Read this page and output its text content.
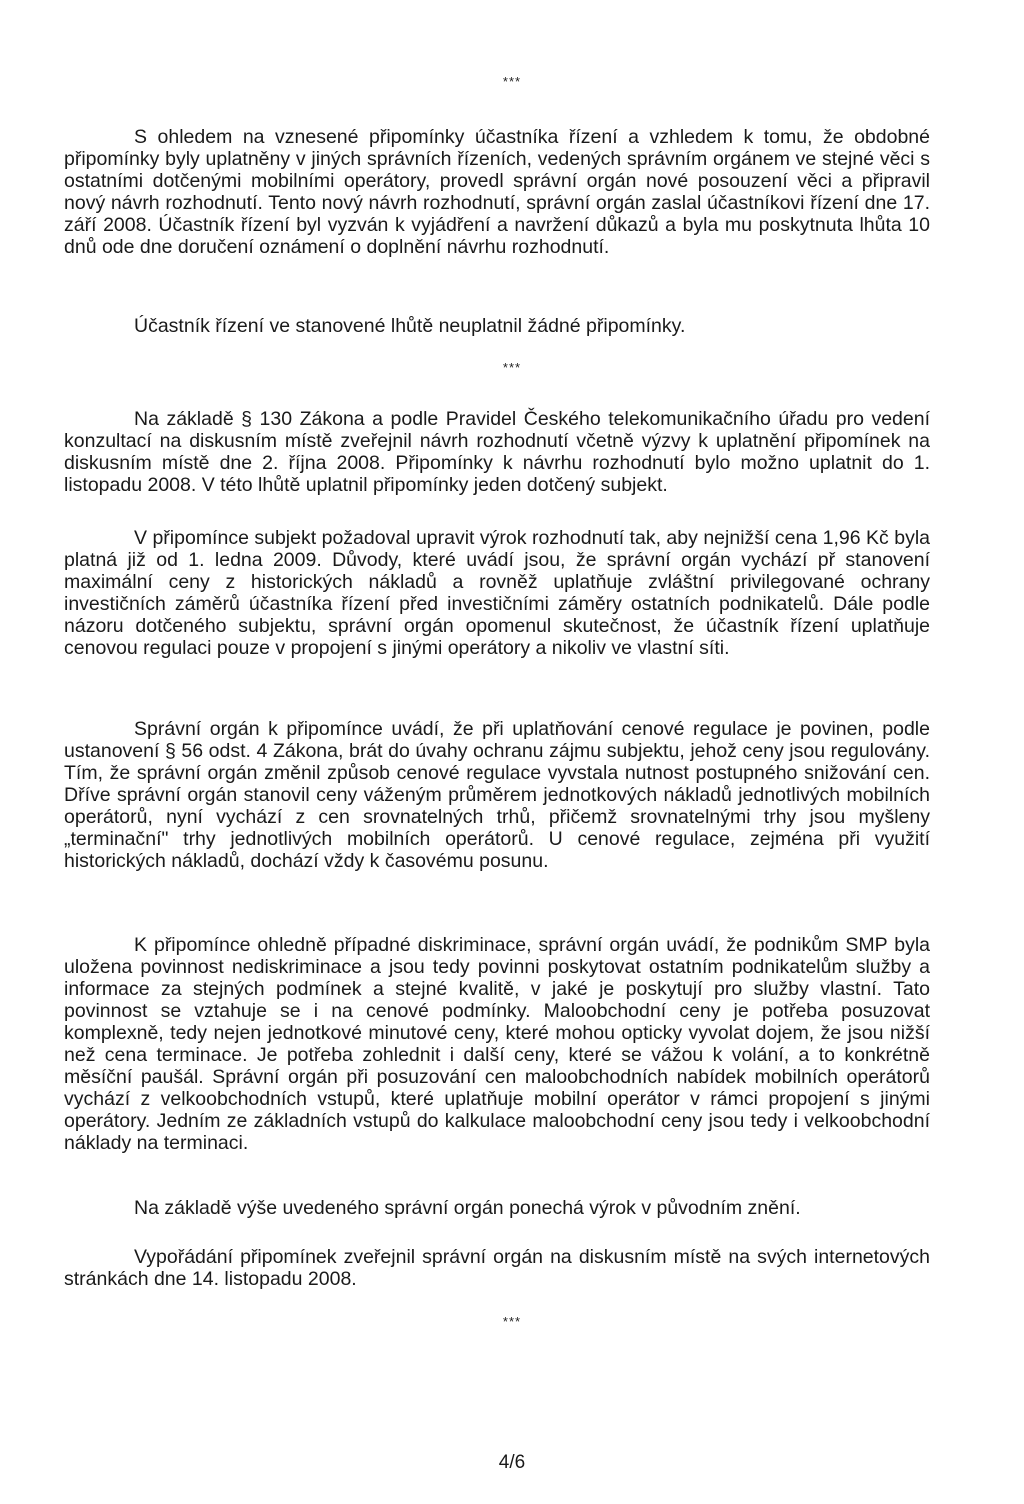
***

S ohledem na vznesené připomínky účastníka řízení a vzhledem k tomu, že obdobné připomínky byly uplatněny v jiných správních řízeních, vedených správním orgánem ve stejné věci s ostatními dotčenými mobilními operátory, provedl správní orgán nové posouzení věci a připravil nový návrh rozhodnutí. Tento nový návrh rozhodnutí, správní orgán zaslal účastníkovi řízení dne 17. září 2008. Účastník řízení byl vyzván k vyjádření a navržení důkazů a byla mu poskytnuta lhůta 10 dnů ode dne doručení oznámení o doplnění návrhu rozhodnutí.

Účastník řízení ve stanovené lhůtě neuplatnil žádné připomínky.

***

Na základě § 130 Zákona a podle Pravidel Českého telekomunikačního úřadu pro vedení konzultací na diskusním místě zveřejnil návrh rozhodnutí včetně výzvy k uplatnění připomínek na diskusním místě dne 2. října 2008. Připomínky k návrhu rozhodnutí bylo možno uplatnit do 1. listopadu 2008. V této lhůtě uplatnil připomínky jeden dotčený subjekt.

V připomínce subjekt požadoval upravit výrok rozhodnutí tak, aby nejnižší cena 1,96 Kč byla platná již od 1. ledna 2009. Důvody, které uvádí jsou, že správní orgán vychází př stanovení maximální ceny z historických nákladů a rovněž uplatňuje zvláštní privilegované ochrany investičních záměrů účastníka řízení před investičními záměry ostatních podnikatelů. Dále podle názoru dotčeného subjektu, správní orgán opomenul skutečnost, že účastník řízení uplatňuje cenovou regulaci pouze v propojení s jinými operátory a nikoliv ve vlastní síti.

Správní orgán k připomínce uvádí, že při uplatňování cenové regulace je povinen, podle ustanovení § 56 odst. 4 Zákona, brát do úvahy ochranu zájmu subjektu, jehož ceny jsou regulovány. Tím, že správní orgán změnil způsob cenové regulace vyvstala nutnost postupného snižování cen. Dříve správní orgán stanovil ceny váženým průměrem jednotkových nákladů jednotlivých mobilních operátorů, nyní vychází z cen srovnatelných trhů, přičemž srovnatelnými trhy jsou myšleny „terminační" trhy jednotlivých mobilních operátorů. U cenové regulace, zejména při využití historických nákladů, dochází vždy k časovému posunu.

K připomínce ohledně případné diskriminace, správní orgán uvádí, že podnikům SMP byla uložena povinnost nediskriminace a jsou tedy povinni poskytovat ostatním podnikatelům služby a informace za stejných podmínek a stejné kvalitě, v jaké je poskytují pro služby vlastní. Tato povinnost se vztahuje se i na cenové podmínky. Maloobchodní ceny je potřeba posuzovat komplexně, tedy nejen jednotkové minutové ceny, které mohou opticky vyvolat dojem, že jsou nižší než cena terminace. Je potřeba zohlednit i další ceny, které se vážou k volání, a to konkrétně měsíční paušál. Správní orgán při posuzování cen maloobchodních nabídek mobilních operátorů vychází z velkoobchodních vstupů, které uplatňuje mobilní operátor v rámci propojení s jinými operátory. Jedním ze základních vstupů do kalkulace maloobchodní ceny jsou tedy i velkoobchodní náklady na terminaci.

Na základě výše uvedeného správní orgán ponechá výrok v původním znění.

Vypořádání připomínek zveřejnil správní orgán na diskusním místě na svých internetových stránkách dne 14. listopadu 2008.

***
4/6
